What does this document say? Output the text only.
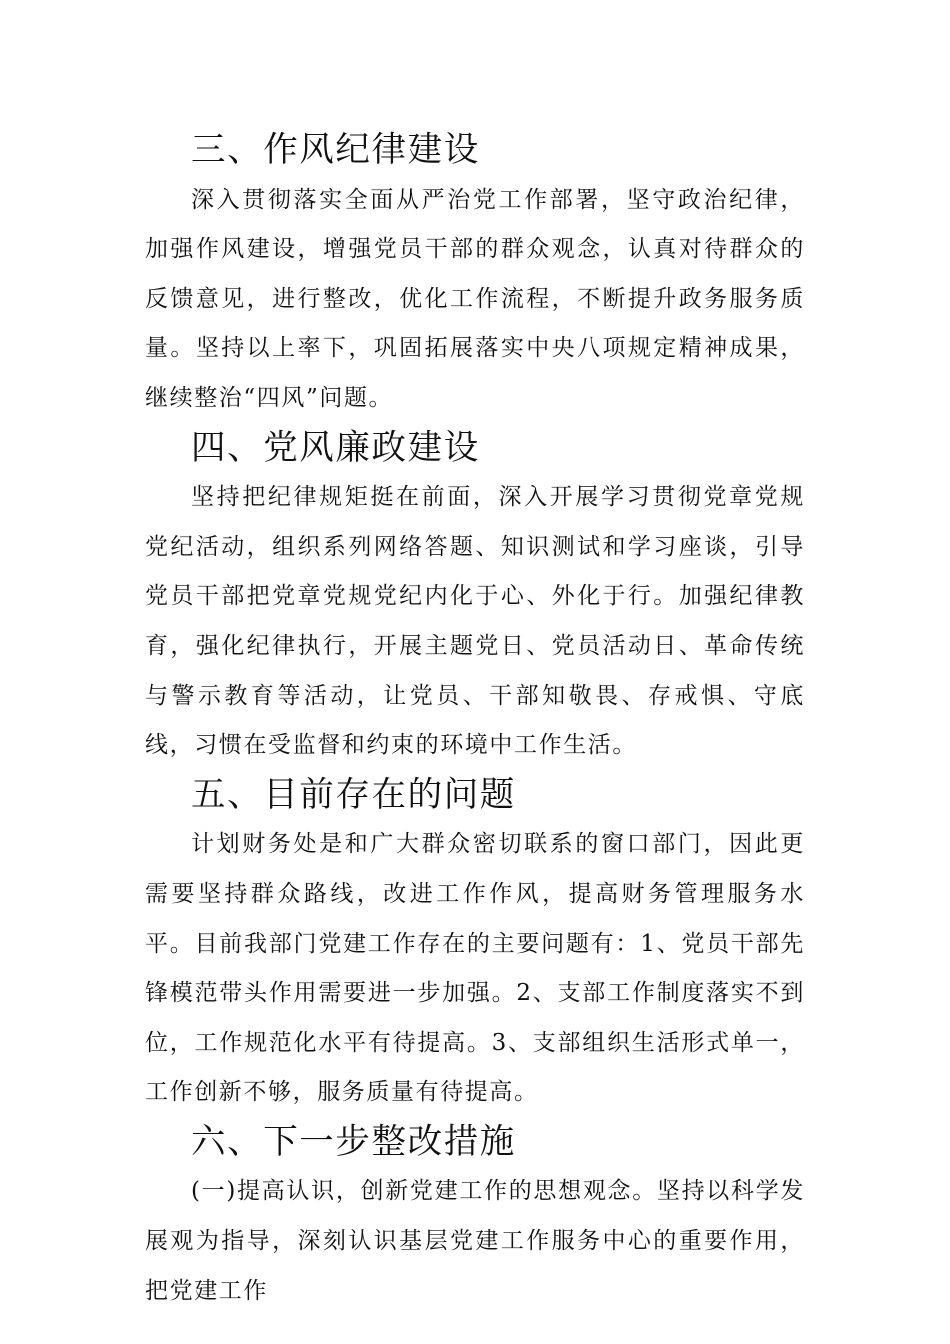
三、作风纪律建设

深入贯彻落实全面从严治党工作部署，坚守政治纪律，加强作风建设，增强党员干部的群众观念，认真对待群众的反馈意见，进行整改，优化工作流程，不断提升政务服务质量。坚持以上率下，巩固拓展落实中央八项规定精神成果，继续整治“四风”问题。

四、党风廉政建设

坚持把纪律规矩挺在前面，深入开展学习贯彻党章党规党纪活动，组织系列网络答题、知识测试和学习座谈，引导党员干部把党章党规党纪内化于心、外化于行。加强纪律教育，强化纪律执行，开展主题党日、党员活动日、革命传统与警示教育等活动，让党员、干部知敬畏、存戒惧、守底线，习惯在受监督和约束的环境中工作生活。

五、目前存在的问题

计划财务处是和广大群众密切联系的窗口部门，因此更需要坚持群众路线，改进工作作风，提高财务管理服务水平。目前我部门党建工作存在的主要问题有：1、党员干部先锋模范带头作用需要进一步加强。2、支部工作制度落实不到位，工作规范化水平有待提高。3、支部组织生活形式单一，工作创新不够，服务质量有待提高。

六、下一步整改措施

(一)提高认识，创新党建工作的思想观念。坚持以科学发展观为指导，深刻认识基层党建工作服务中心的重要作用，把党建工作
